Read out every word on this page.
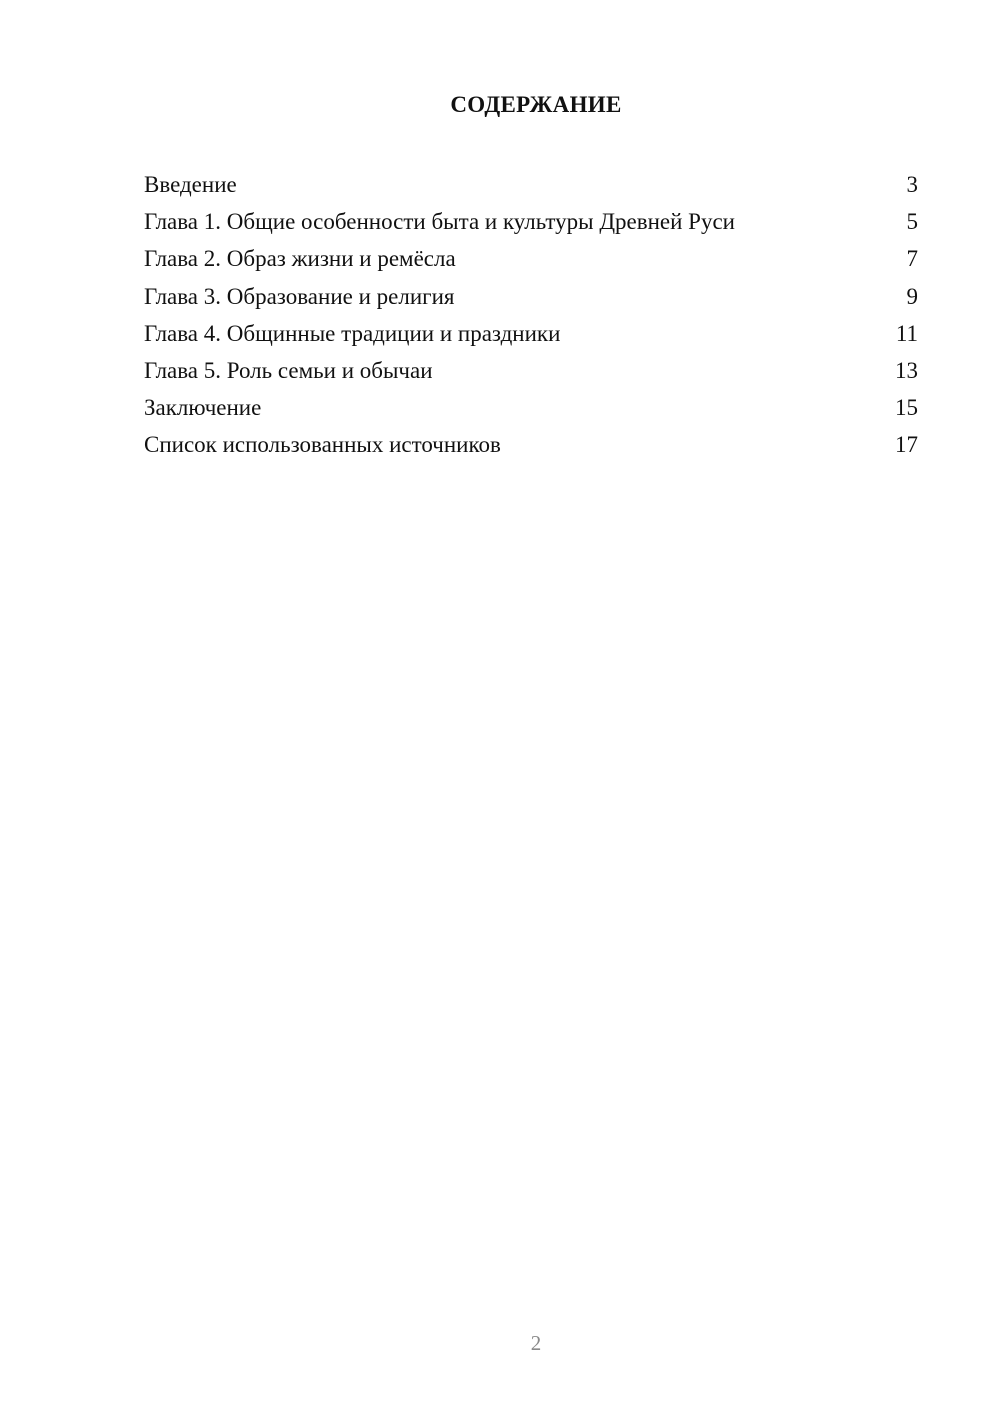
СОДЕРЖАНИЕ
Введение	3
Глава 1. Общие особенности быта и культуры Древней Руси	5
Глава 2. Образ жизни и ремёсла	7
Глава 3. Образование и религия	9
Глава 4. Общинные традиции и праздники	11
Глава 5. Роль семьи и обычаи	13
Заключение	15
Список использованных источников	17
2
